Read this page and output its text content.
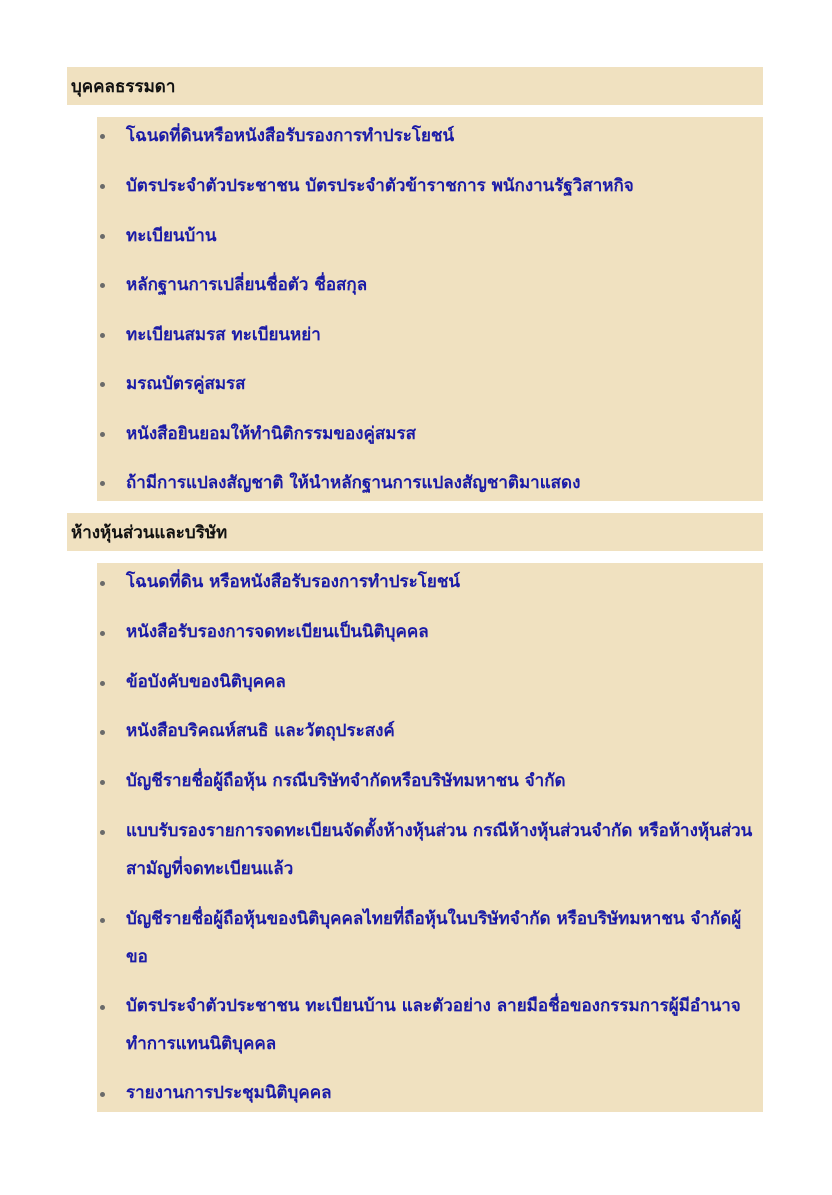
บุคคลธรรมดา
โฉนดที่ดินหรือหนังสือรับรองการทำประโยชน์
บัตรประจำตัวประชาชน บัตรประจำตัวข้าราชการ พนักงานรัฐวิสาหกิจ
ทะเบียนบ้าน
หลักฐานการเปลี่ยนชื่อตัว ชื่อสกุล
ทะเบียนสมรส ทะเบียนหย่า
มรณบัตรคู่สมรส
หนังสือยินยอมให้ทำนิติกรรมของคู่สมรส
ถ้ามีการแปลงสัญชาติ ให้นำหลักฐานการแปลงสัญชาติมาแสดง
ห้างหุ้นส่วนและบริษัท
โฉนดที่ดิน หรือหนังสือรับรองการทำประโยชน์
หนังสือรับรองการจดทะเบียนเป็นนิติบุคคล
ข้อบังคับของนิติบุคคล
หนังสือบริคณห์สนธิ และวัตถุประสงค์
บัญชีรายชื่อผู้ถือหุ้น กรณีบริษัทจำกัดหรือบริษัทมหาชน จำกัด
แบบรับรองรายการจดทะเบียนจัดตั้งห้างหุ้นส่วน กรณีห้างหุ้นส่วนจำกัด หรือห้างหุ้นส่วนสามัญที่จดทะเบียนแล้ว
บัญชีรายชื่อผู้ถือหุ้นของนิติบุคคลไทยที่ถือหุ้นในบริษัทจำกัด หรือบริษัทมหาชน จำกัดผู้ขอ
บัตรประจำตัวประชาชน ทะเบียนบ้าน และตัวอย่าง ลายมือชื่อของกรรมการผู้มีอำนาจทำการแทนนิติบุคคล
รายงานการประชุมนิติบุคคล
